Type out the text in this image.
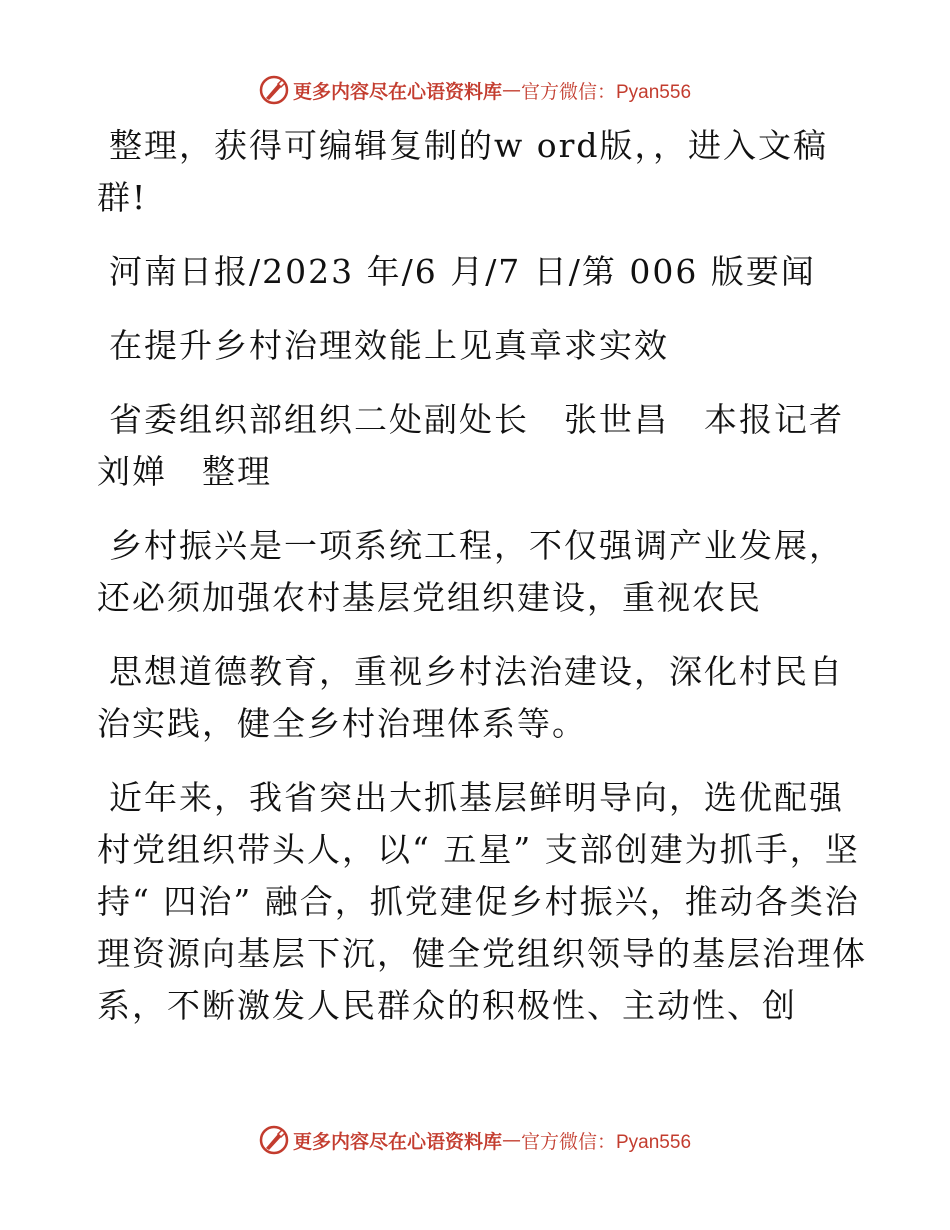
更多内容尽在心语资料库 — 官方微信：Pyan556

整理，获得可编辑复制的w ord版，，进入文稿群!

河南日报/2023 年/6 月/7 日/第 006 版要闻

在提升乡村治理效能上见真章求实效

省委组织部组织二处副处长　张世昌　本报记者刘婵　整理

乡村振兴是一项系统工程，不仅强调产业发展，还必须加强农村基层党组织建设，重视农民

思想道德教育，重视乡村法治建设，深化村民自治实践，健全乡村治理体系等。

近年来，我省突出大抓基层鲜明导向，选优配强村党组织带头人，以“ 五星” 支部创建为抓手，坚持“ 四治” 融合，抓党建促乡村振兴，推动各类治理资源向基层下沉，健全党组织领导的基层治理体系，不断激发人民群众的积极性、主动性、创

更多内容尽在心语资料库 — 官方微信：Pyan556
